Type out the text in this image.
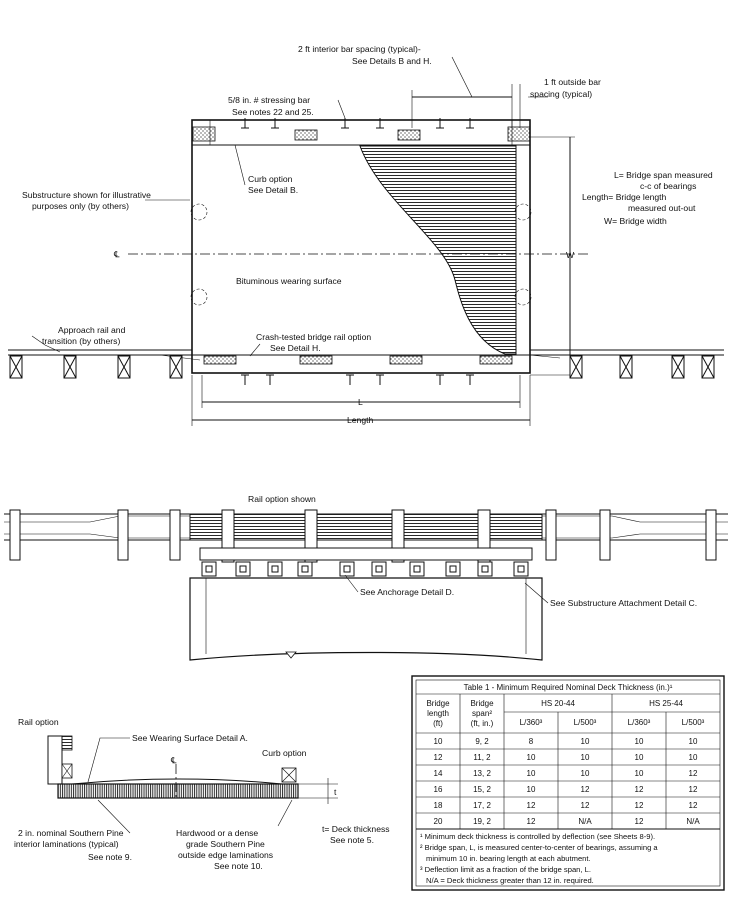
2 ft interior bar spacing (typical)-
See Details B and H.
1 ft outside bar
spacing (typical)
5/8 in. # stressing bar
See notes 22 and 25.
Curb option
See Detail B.
Substructure shown for illustrative
purposes only (by others)
℄	W
Bituminous wearing surface
Approach rail and
transition (by others)	Crash-tested bridge rail option
See Detail H.
L
Length
L= Bridge span measured
c-c of bearings
Length= Bridge length
measured out-out
W= Bridge width
Rail option shown
See Anchorage Detail D.
See Substructure Attachment Detail C.
Rail option
Curb option
See Wearing Surface Detail A.
℄
t
t= Deck thickness
See note 5.
2 in. nominal Southern Pine
interior laminations (typical)
See note 9.
Hardwood or a dense
grade Southern Pine
outside edge laminations
See note 10.
Table 1 - Minimum Required Nominal Deck Thickness (in.)¹
Bridge
length
(ft)
Bridge
span²
(ft, in.)
HS 20-44	HS 25-44
L/360³	L/500³	L/360³	L/500³
10	9, 2	8	10	10	10
12	11, 2	10	10	10	10
14	13, 2	10	10	10	12
16	15, 2	10	12	12	12
18	17, 2	12	12	12	12
20	19, 2	12	N/A	12	N/A
¹ Minimum deck thickness is controlled by deflection (see Sheets 8-9).
² Bridge span, L, is measured center-to-center of bearings, assuming a
minimum 10 in. bearing length at each abutment.
³ Deflection limit as a fraction of the bridge span, L.
N/A = Deck thickness greater than 12 in. required.
